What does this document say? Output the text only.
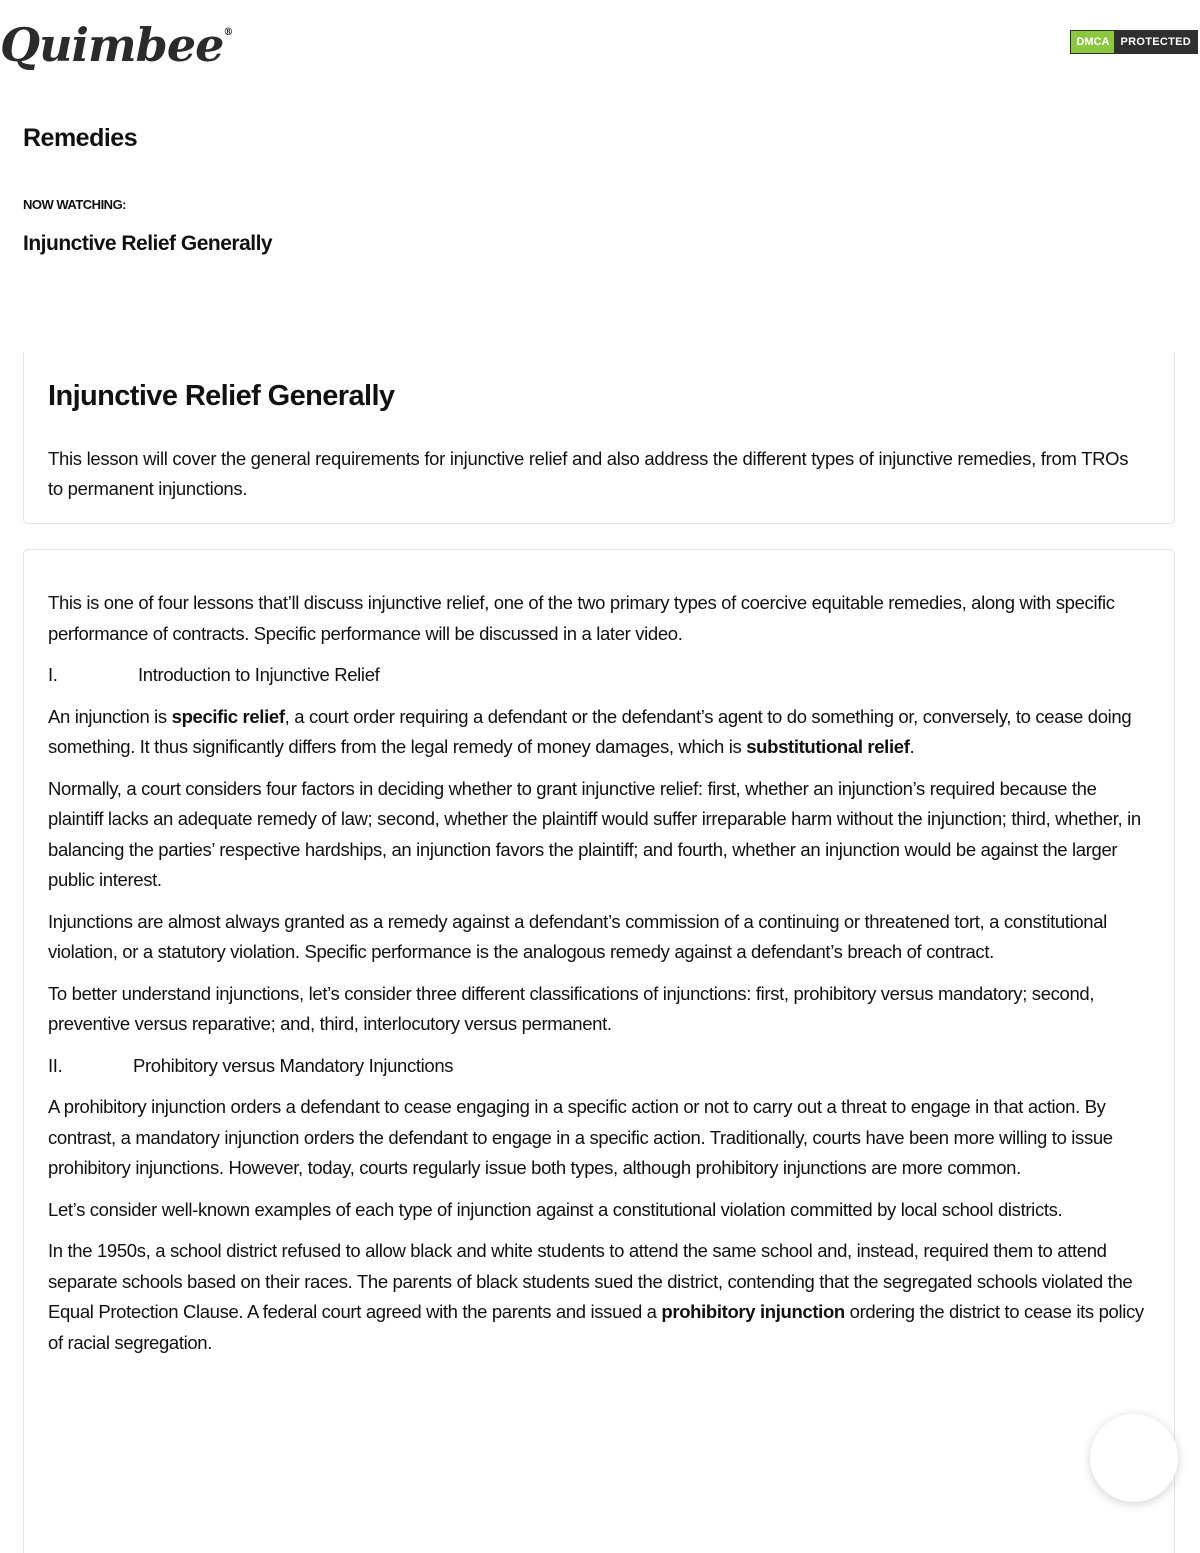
Quimbee®
DMCA	PROTECTED
Remedies
NOW WATCHING:
Injunctive Relief Generally
Injunctive Relief Generally

This lesson will cover the general requirements for injunctive relief and also address the different types of injunctive remedies, from TROs to permanent injunctions.

This is one of four lessons that’ll discuss injunctive relief, one of the two primary types of coercive equitable remedies, along with specific performance of contracts. Specific performance will be discussed in a later video.

I.	Introduction to Injunctive Relief

An injunction is specific relief, a court order requiring a defendant or the defendant’s agent to do something or, conversely, to cease doing something. It thus significantly differs from the legal remedy of money damages, which is substitutional relief.

Normally, a court considers four factors in deciding whether to grant injunctive relief: first, whether an injunction’s required because the plaintiff lacks an adequate remedy of law; second, whether the plaintiff would suffer irreparable harm without the injunction; third, whether, in balancing the parties’ respective hardships, an injunction favors the plaintiff; and fourth, whether an injunction would be against the larger public interest.

Injunctions are almost always granted as a remedy against a defendant’s commission of a continuing or threatened tort, a constitutional violation, or a statutory violation. Specific performance is the analogous remedy against a defendant’s breach of contract.

To better understand injunctions, let’s consider three different classifications of injunctions: first, prohibitory versus mandatory; second, preventive versus reparative; and, third, interlocutory versus permanent.

II.	Prohibitory versus Mandatory Injunctions

A prohibitory injunction orders a defendant to cease engaging in a specific action or not to carry out a threat to engage in that action. By contrast, a mandatory injunction orders the defendant to engage in a specific action. Traditionally, courts have been more willing to issue prohibitory injunctions. However, today, courts regularly issue both types, although prohibitory injunctions are more common.

Let’s consider well-known examples of each type of injunction against a constitutional violation committed by local school districts.

In the 1950s, a school district refused to allow black and white students to attend the same school and, instead, required them to attend separate schools based on their races. The parents of black students sued the district, contending that the segregated schools violated the Equal Protection Clause. A federal court agreed with the parents and issued a prohibitory injunction ordering the district to cease its policy of racial segregation.
